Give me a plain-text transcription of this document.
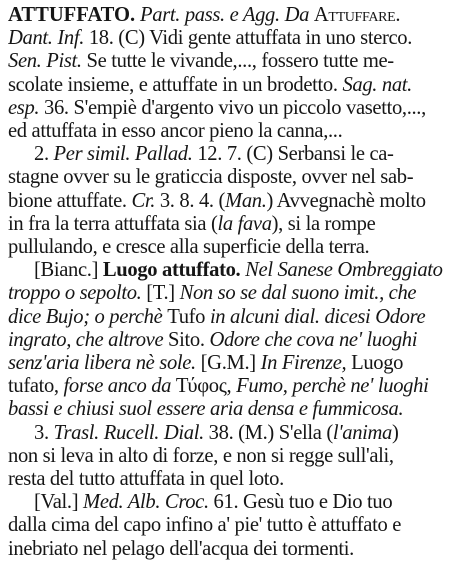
ATTUFFATO. Part. pass. e Agg. Da Attuffare.
Dant. Inf. 18. (C) Vidi gente attuffata in uno sterco.
Sen. Pist. Se tutte le vivande,..., fossero tutte me-
scolate insieme, e attuffate in un brodetto. Sag. nat.
esp. 36. S'empiè d'argento vivo un piccolo vasetto,...,
ed attuffata in esso ancor pieno la canna,...
2. Per simil. Pallad. 12. 7. (C) Serbansi le ca-
stagne ovver su le graticcia disposte, ovver nel sab-
bione attuffate. Cr. 3. 8. 4. (Man.) Avvegnachè molto
in fra la terra attuffata sia (la fava), si la rompe
pullulando, e cresce alla superficie della terra.
[Bianc.] Luogo attuffato. Nel Sanese Ombreggiato
troppo o sepolto. [T.] Non so se dal suono imit., che
dice Bujo; o perchè Tufo in alcuni dial. dicesi Odore
ingrato, che altrove Sito. Odore che cova ne' luoghi
senz'aria libera nè sole. [G.M.] In Firenze, Luogo
tufato, forse anco da Τύφος, Fumo, perchè ne' luoghi
bassi e chiusi suol essere aria densa e fummicosa.
3. Trasl. Rucell. Dial. 38. (M.) S'ella (l'anima)
non si leva in alto di forze, e non si regge sull'ali,
resta del tutto attuffata in quel loto.
[Val.] Med. Alb. Croc. 61. Gesù tuo e Dio tuo
dalla cima del capo infino a' pie' tutto è attuffato e
inebriato nel pelago dell'acqua dei tormenti.
